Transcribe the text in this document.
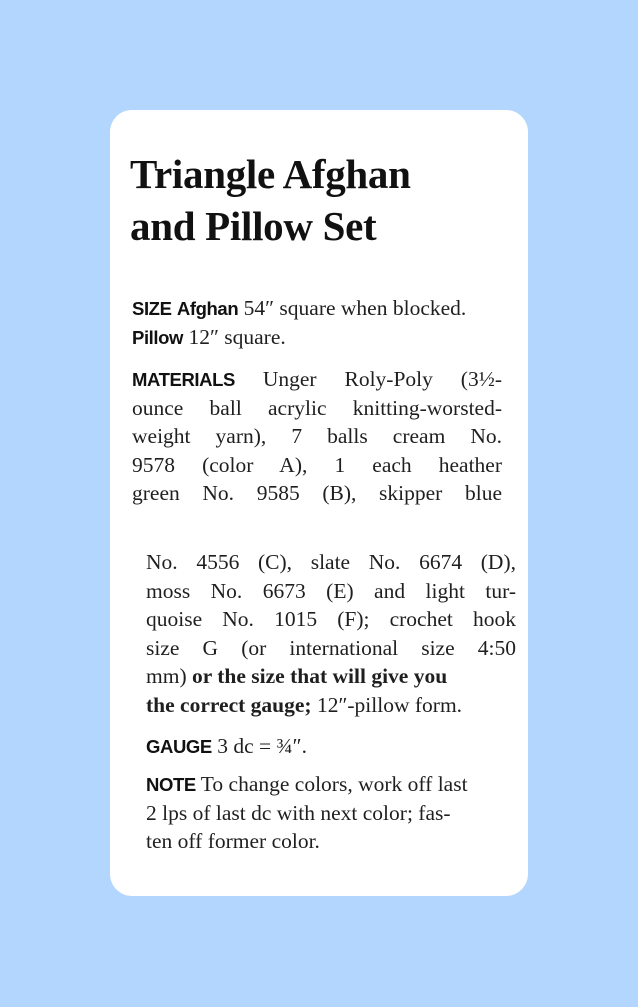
Triangle Afghan
and Pillow Set
SIZE Afghan 54″ square when blocked.
Pillow 12″ square.
MATERIALS Unger Roly-Poly (3½-
ounce ball acrylic knitting-worsted-
weight yarn), 7 balls cream No.
9578 (color A), 1 each heather
green No. 9585 (B), skipper blue
No. 4556 (C), slate No. 6674 (D),
moss No. 6673 (E) and light tur-
quoise No. 1015 (F); crochet hook
size G (or international size 4:50
mm) or the size that will give you
the correct gauge; 12″-pillow form.
GAUGE 3 dc = ¾″.
NOTE To change colors, work off last
2 lps of last dc with next color; fas-
ten off former color.
